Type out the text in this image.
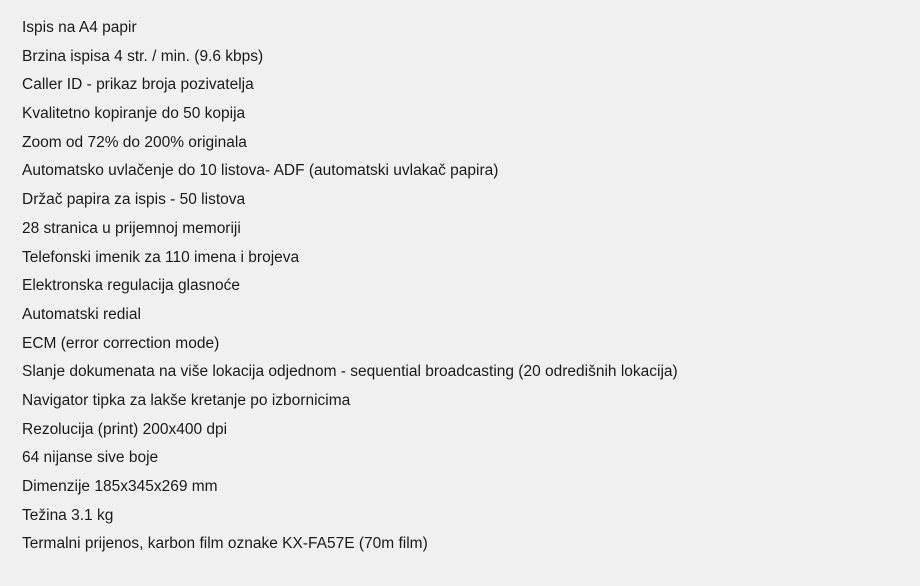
Ispis na A4 papir
Brzina ispisa 4 str. / min. (9.6 kbps)
Caller ID - prikaz broja pozivatelja
Kvalitetno kopiranje do 50 kopija
Zoom od 72% do 200% originala
Automatsko uvlačenje do 10 listova- ADF (automatski uvlakač papira)
Držač papira za ispis - 50 listova
28 stranica u prijemnoj memoriji
Telefonski imenik za 110 imena i brojeva
Elektronska regulacija glasnoće
Automatski redial
ECM (error correction mode)
Slanje dokumenata na više lokacija odjednom - sequential broadcasting (20 odredišnih lokacija)
Navigator tipka za lakše kretanje po izbornicima
Rezolucija (print) 200x400 dpi
64 nijanse sive boje
Dimenzije 185x345x269 mm
Težina 3.1 kg
Termalni prijenos, karbon film oznake KX-FA57E (70m film)
